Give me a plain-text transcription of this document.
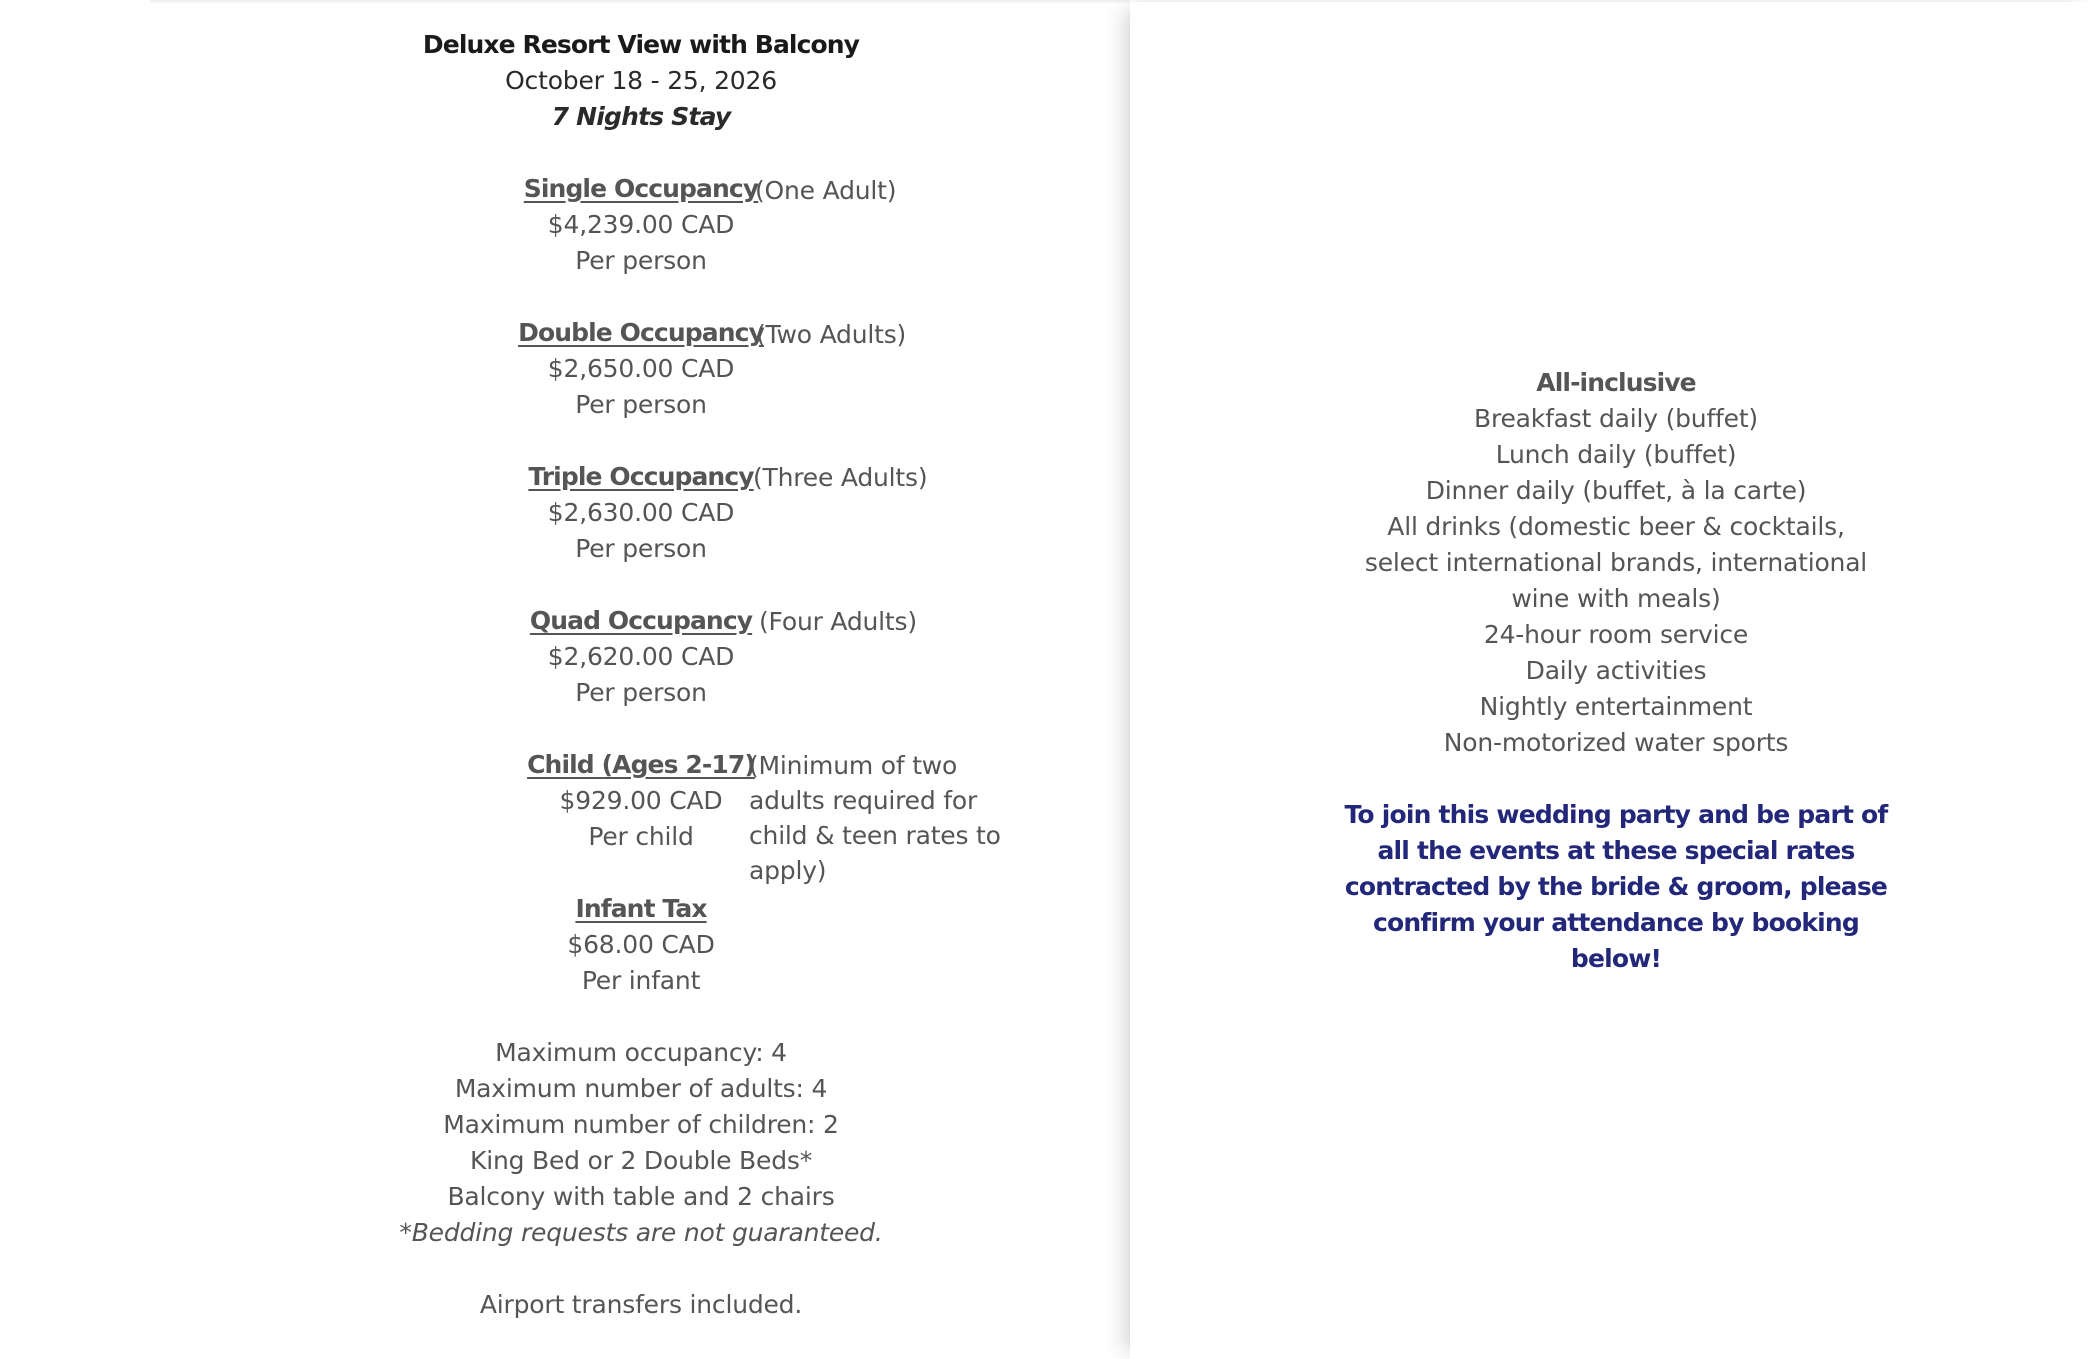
Deluxe Resort View with Balcony
October 18 - 25, 2026
7 Nights Stay
Single Occupancy
(One Adult)
$4,239.00 CAD
Per person
Double Occupancy
(Two Adults)
$2,650.00 CAD
Per person
Triple Occupancy (Three Adults)
$2,630.00 CAD
Per person
Quad Occupancy (Four Adults)
$2,620.00 CAD
Per person
Child (Ages 2-17)
(Minimum of two adults required for child & teen rates to apply)
$929.00 CAD
Per child
Infant Tax
$68.00 CAD
Per infant
Maximum occupancy: 4
Maximum number of adults: 4
Maximum number of children: 2
King Bed or 2 Double Beds*
Balcony with table and 2 chairs
*Bedding requests are not guaranteed.
Airport transfers included.
All-inclusive
Breakfast daily (buffet)
Lunch daily (buffet)
Dinner daily (buffet, à la carte)
All drinks (domestic beer & cocktails, select international brands, international wine with meals)
24-hour room service
Daily activities
Nightly entertainment
Non-motorized water sports
To join this wedding party and be part of all the events at these special rates contracted by the bride & groom, please confirm your attendance by booking below!
